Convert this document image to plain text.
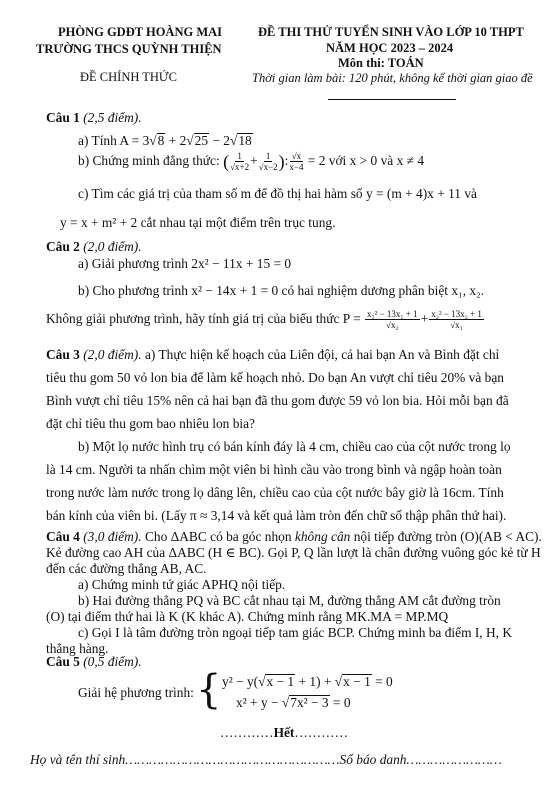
PHÒNG GDĐT HOÀNG MAI
TRƯỜNG THCS QUỲNH THIỆN
ĐỀ CHÍNH THỨC
ĐỀ THI THỬ TUYỂN SINH VÀO LỚP 10 THPT
NĂM HỌC 2023 – 2024
Môn thi: TOÁN
Thời gian làm bài: 120 phút, không kể thời gian giao đề
Câu 1 (2,5 điểm).
a) Tính A = 3√8 + 2√25 − 2√18
b) Chứng minh đẳng thức: ( $\frac{1}{√x+2} + \frac{1}{√x-2}$ ): $\frac{√x}{x-4} = 2$ với x > 0 và x ≠ 4
c) Tìm các giá trị của tham số m để đồ thị hai hàm số y = (m + 4)x + 11 và
y = x + m² + 2 cắt nhau tại một điểm trên trục tung.
Câu 2 (2,0 điểm).
a) Giải phương trình 2x² − 11x + 15 = 0
b) Cho phương trình x² − 14x + 1 = 0 có hai nghiệm dương phân biệt x₁, x₂.
Không giải phương trình, hãy tính giá trị của biểu thức $P = \frac{\text{x₁² − 13x₁ + 1}}{\text{√x₂}} + \frac{\text{x₂² − 13x₂ + 1}}{\text{√x₁}}$
Câu 3 (2,0 điểm). a) Thực hiện kế hoạch của Liên đội, cả hai bạn An và Bình đặt chỉ
tiêu thu gom 50 vỏ lon bia để làm kế hoạch nhỏ. Do bạn An vượt chỉ tiêu 20% và bạn
Bình vượt chỉ tiêu 15% nên cả hai bạn đã thu gom được 59 vỏ lon bia. Hỏi mỗi bạn đã
đặt chỉ tiêu thu gom bao nhiêu lon bia?
b) Một lọ nước hình trụ có bán kính đáy là 4 cm, chiều cao của cột nước trong lọ
là 14 cm. Người ta nhấn chìm một viên bi hình cầu vào trong bình và ngập hoàn toàn
trong nước làm nước trong lọ dâng lên, chiều cao của cột nước bây giờ là 16cm. Tính
bán kính của viên bi. (Lấy π ≈ 3,14 và kết quả làm tròn đến chữ số thập phân thứ hai).
Câu 4 (3,0 điểm). Cho ΔABC có ba góc nhọn không cân nội tiếp đường tròn (O)(AB < AC).
Kẻ đường cao AH của ΔABC (H ∈ BC). Gọi P, Q lần lượt là chân đường vuông góc kẻ từ H
đến các đường thẳng AB, AC.
a) Chứng minh tứ giác APHQ nội tiếp.
b) Hai đường thẳng PQ và BC cắt nhau tại M, đường thẳng AM cắt đường tròn
(O) tại điểm thứ hai là K (K khác A). Chứng minh rằng MK.MA = MP.MQ
c) Gọi I là tâm đường tròn ngoại tiếp tam giác BCP. Chứng minh ba điểm I, H, K
thẳng hàng.
Câu 5 (0,5 điểm).
Giải hệ phương trình: { y² − y(√x − 1 + 1) + √x − 1 = 0
x² + y − √7x² − 3 = 0
…………Hết…………
Họ và tên thí sinh………………………………………………Số báo danh……………………
